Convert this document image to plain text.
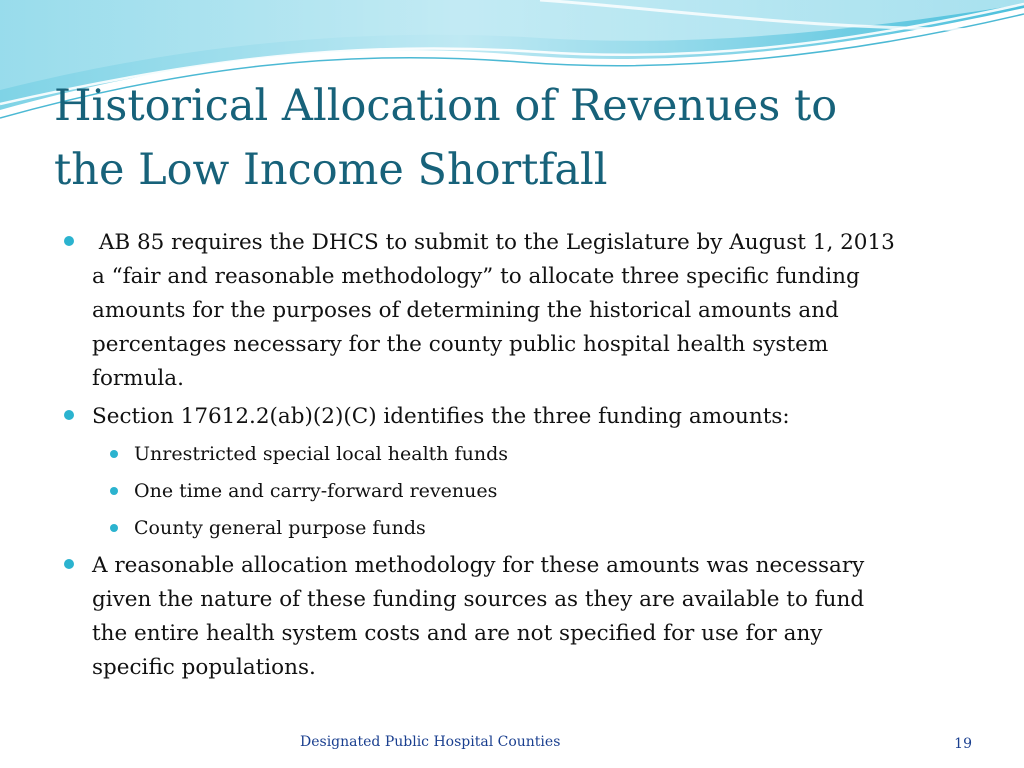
Historical Allocation of Revenues to
the Low Income Shortfall
AB 85 requires the DHCS to submit to the Legislature by August 1, 2013
a “fair and reasonable methodology” to allocate three specific funding
amounts for the purposes of determining the historical amounts and
percentages necessary for the county public hospital health system
formula.
Section 17612.2(ab)(2)(C) identifies the three funding amounts:
Unrestricted special local health funds
One time and carry-forward revenues
County general purpose funds
A reasonable allocation methodology for these amounts was necessary
given the nature of these funding sources as they are available to fund
the entire health system costs and are not specified for use for any
specific populations.
Designated Public Hospital Counties	19
